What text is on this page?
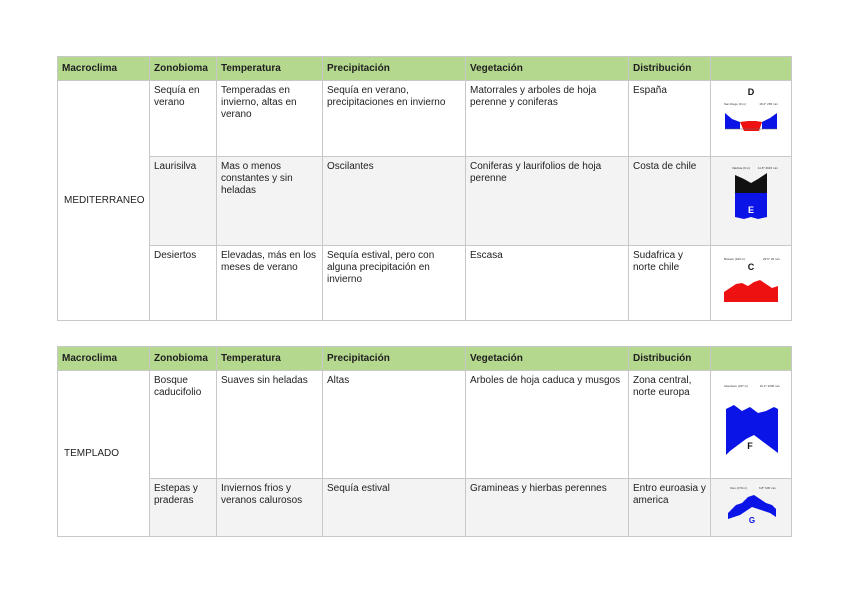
Macroclima	Zonobioma	Temperatura	Precipitación	Vegetación	Distribución	
MEDITERRANEO	Sequía en verano	Temperadas en invierno, altas en verano	Sequía en verano, precipitaciones en invierno	Matorrales y arboles de hoja perenne y coniferas	España	D
San Diego (9 m) 18.4° 265 mm

	Laurisilva	Mas o menos constantes y sin heladas	Oscilantes	Coniferas y laurifolios de hoja perenne	Costa de chile	Valdivia (9 m) 11.8° 2615 mm
E

	Desiertos	Elevadas, más en los meses de verano	Sequía estival, pero con alguna precipitación en invierno	Escasa	Sudafrica y norte chile	Bosaso (100 m) 29.5° 29 mm
C
Macroclima	Zonobioma	Temperatura	Precipitación	Vegetación	Distribución	
TEMPLADO	Bosque caducifolio	Suaves sin heladas	Altas	Arboles de hoja caduca y musgos	Zona central, norte europa	Aberdeen (237 m) 10.2° 1036 mm
F

	Estepas y praderas	Inviernos frios y veranos calurosos	Sequía estival	Gramineas y hierbas perennes	Entro euroasia y america	Kiev (179 m) 6.8° 645 mm
G
